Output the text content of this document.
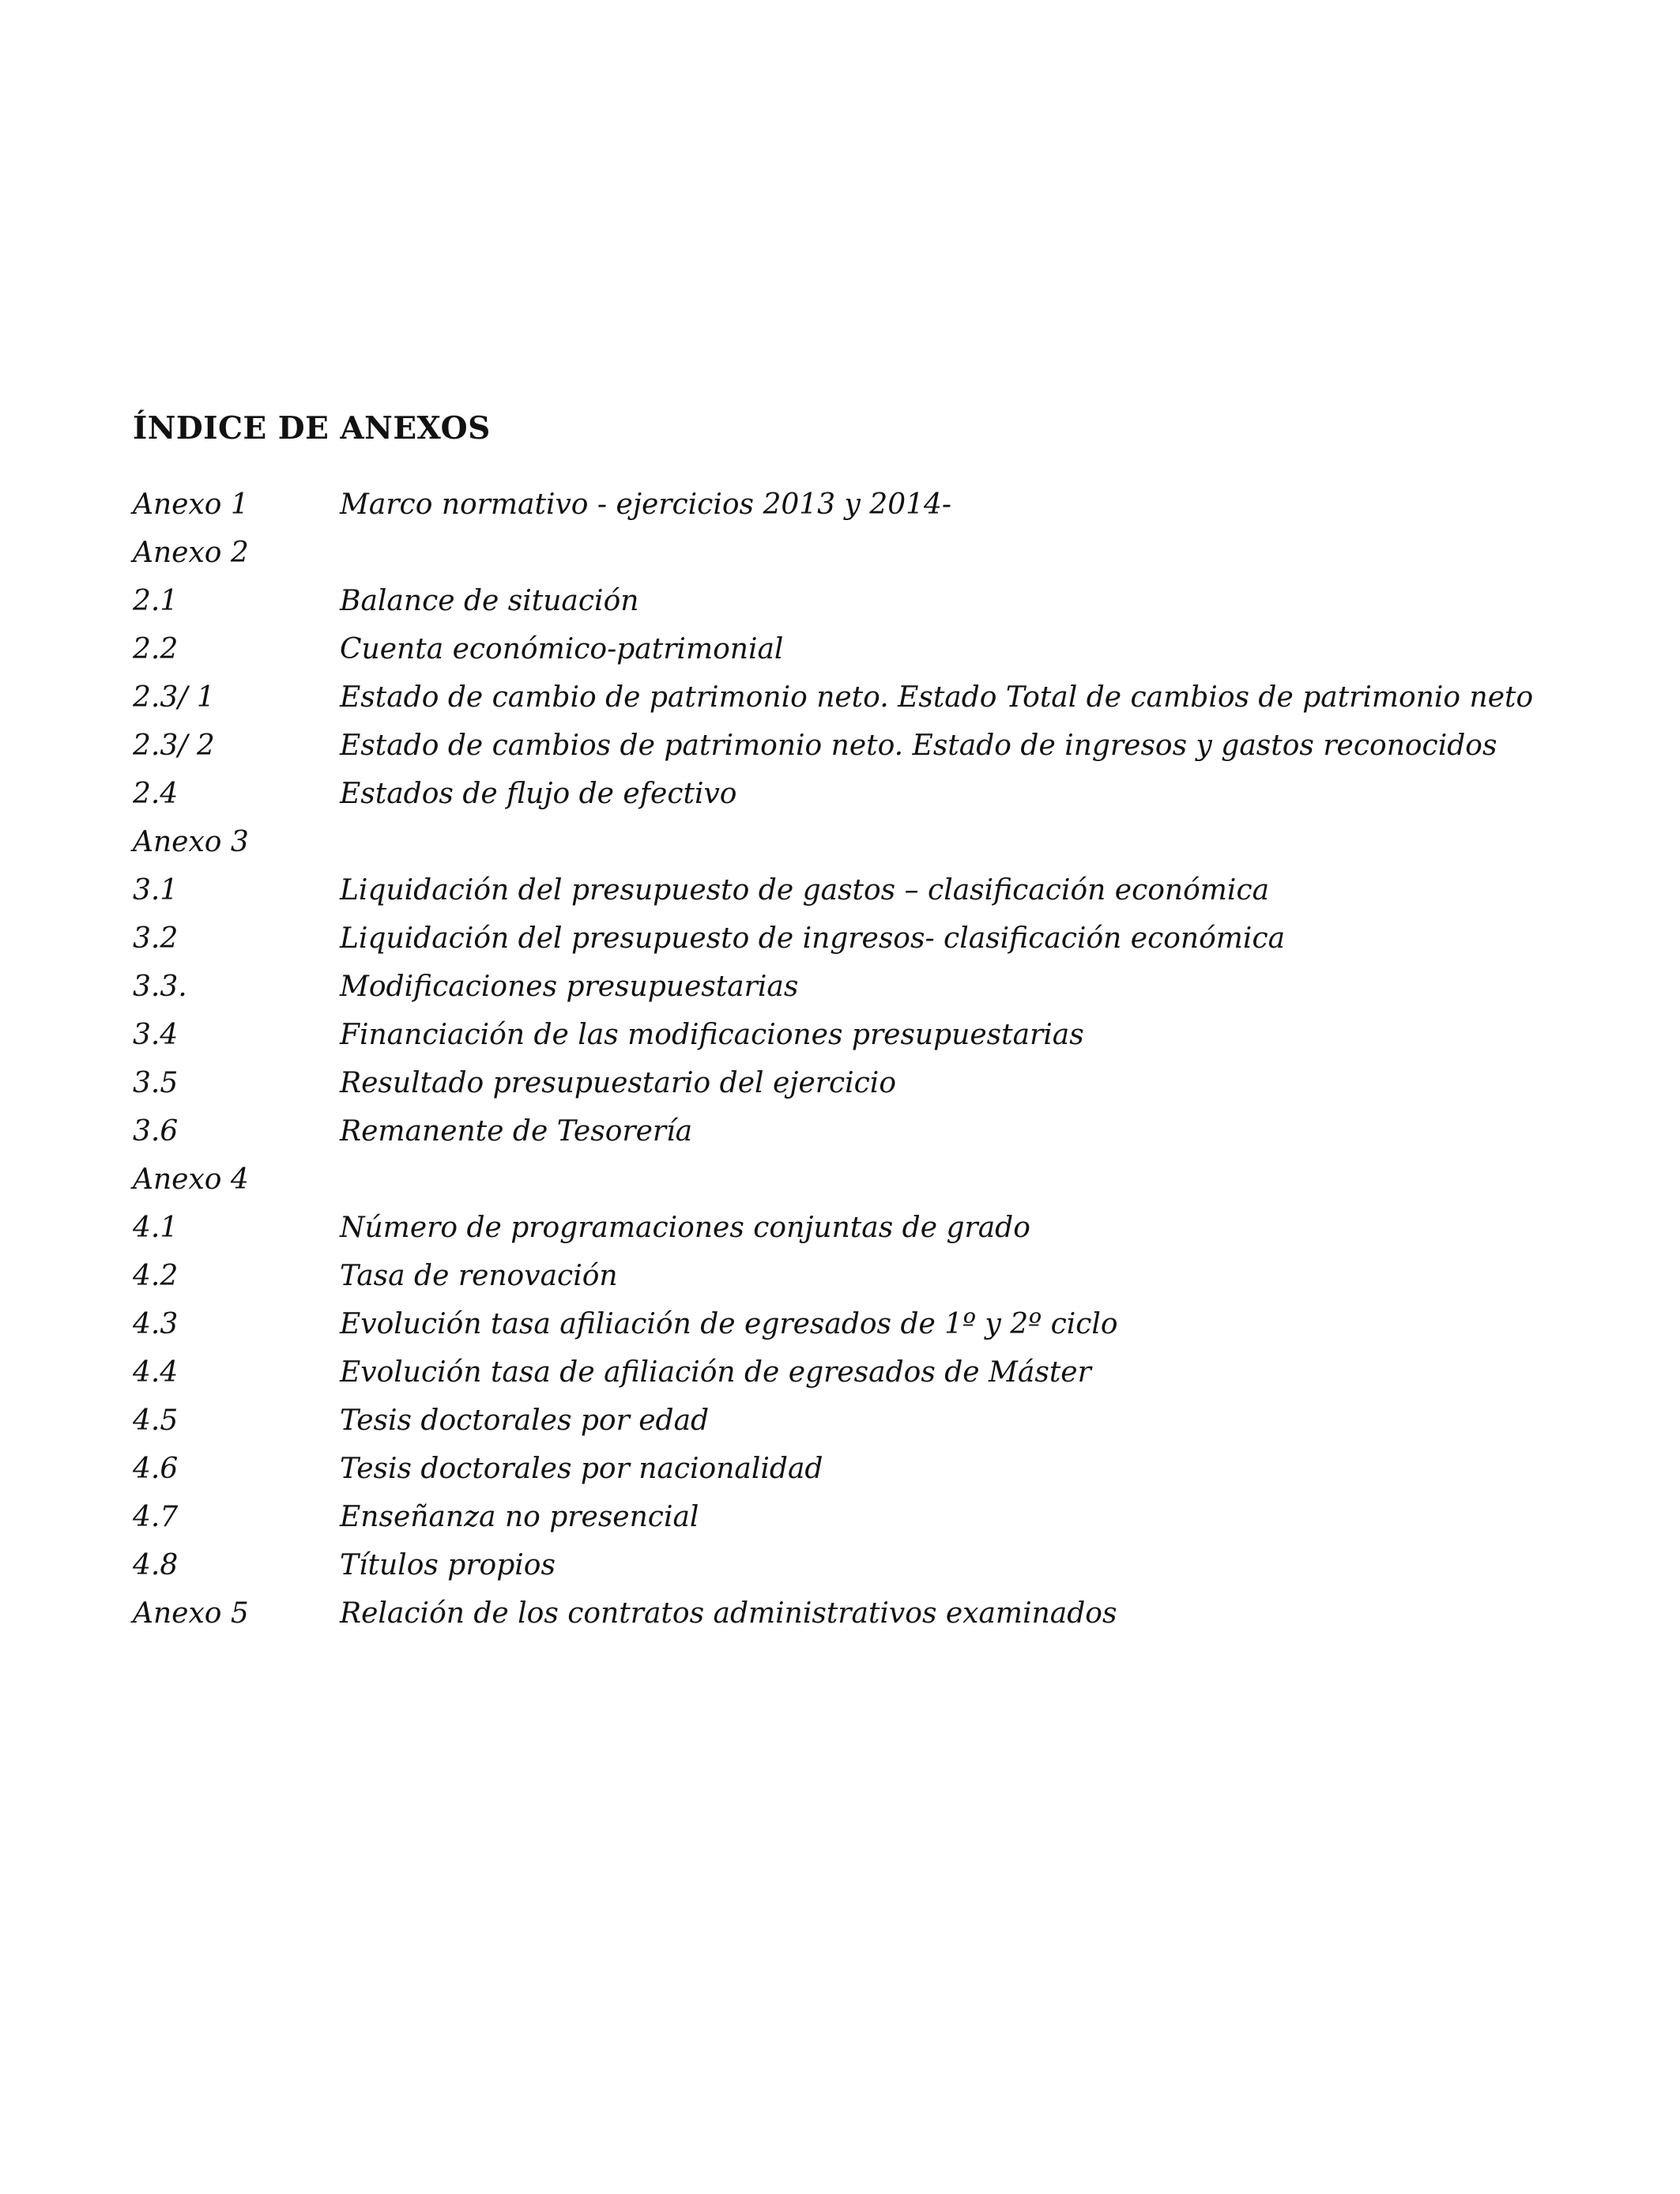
ÍNDICE DE ANEXOS
Anexo 1	Marco normativo - ejercicios 2013 y 2014-
Anexo 2
2.1	Balance de situación
2.2	Cuenta económico-patrimonial
2.3/ 1	Estado de cambio de patrimonio neto. Estado Total de cambios de patrimonio neto
2.3/ 2	Estado de cambios de patrimonio neto. Estado de ingresos y gastos reconocidos
2.4	Estados de flujo de efectivo
Anexo 3
3.1	Liquidación del presupuesto de gastos – clasificación económica
3.2	Liquidación del presupuesto de ingresos- clasificación económica
3.3.	Modificaciones presupuestarias
3.4	Financiación de las modificaciones presupuestarias
3.5	Resultado presupuestario del ejercicio
3.6	Remanente de Tesorería
Anexo 4
4.1	Número de programaciones conjuntas de grado
4.2	Tasa de renovación
4.3	Evolución tasa afiliación de egresados de 1º y 2º ciclo
4.4	Evolución tasa de afiliación de egresados de Máster
4.5	Tesis doctorales por edad
4.6	Tesis doctorales por nacionalidad
4.7	Enseñanza no presencial
4.8	Títulos propios
Anexo 5	Relación de los contratos administrativos examinados
